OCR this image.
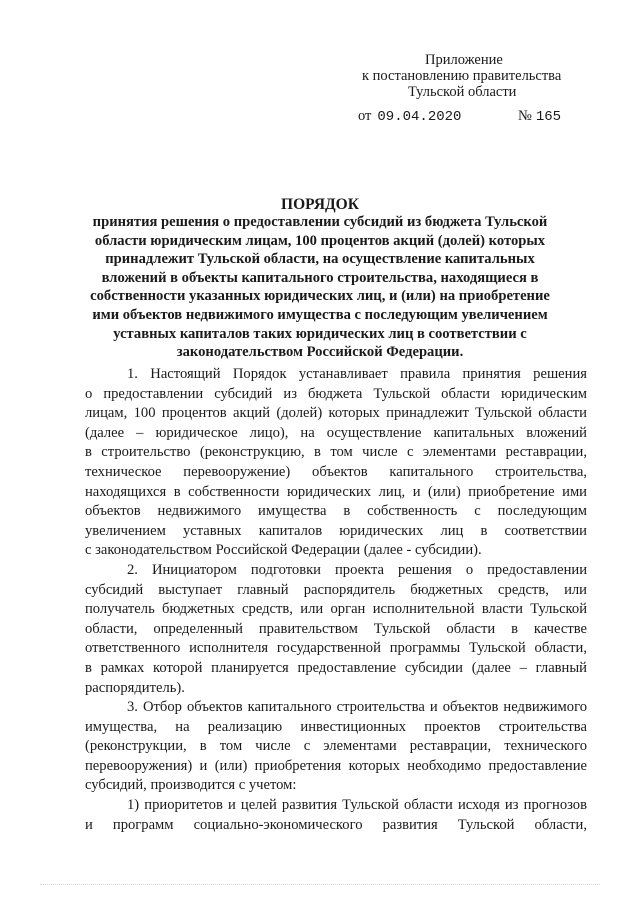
Приложение
к постановлению правительства
Тульской области
от 09.04.2020	№ 165
ПОРЯДОК
принятия решения о предоставлении субсидий из бюджета Тульской
области юридическим лицам, 100 процентов акций (долей) которых
принадлежит Тульской области, на осуществление капитальных
вложений в объекты капитального строительства, находящиеся в
собственности указанных юридических лиц, и (или) на приобретение
ими объектов недвижимого имущества с последующим увеличением
уставных капиталов таких юридических лиц в соответствии с
законодательством Российской Федерации.
1. Настоящий Порядок устанавливает правила принятия решения
о предоставлении субсидий из бюджета Тульской области юридическим
лицам, 100 процентов акций (долей) которых принадлежит Тульской области
(далее – юридическое лицо), на осуществление капитальных вложений
в строительство (реконструкцию, в том числе с элементами реставрации,
техническое перевооружение) объектов капитального строительства,
находящихся в собственности юридических лиц, и (или) приобретение ими
объектов недвижимого имущества в собственность с последующим
увеличением уставных капиталов юридических лиц в соответствии
с законодательством Российской Федерации (далее - субсидии).
2. Инициатором подготовки проекта решения о предоставлении
субсидий выступает главный распорядитель бюджетных средств, или
получатель бюджетных средств, или орган исполнительной власти Тульской
области, определенный правительством Тульской области в качестве
ответственного исполнителя государственной программы Тульской области,
в рамках которой планируется предоставление субсидии (далее – главный
распорядитель).
3. Отбор объектов капитального строительства и объектов недвижимого
имущества, на реализацию инвестиционных проектов строительства
(реконструкции, в том числе с элементами реставрации, технического
перевооружения) и (или) приобретения которых необходимо предоставление
субсидий, производится с учетом:
1) приоритетов и целей развития Тульской области исходя из прогнозов
и программ социально-экономического развития Тульской области,
